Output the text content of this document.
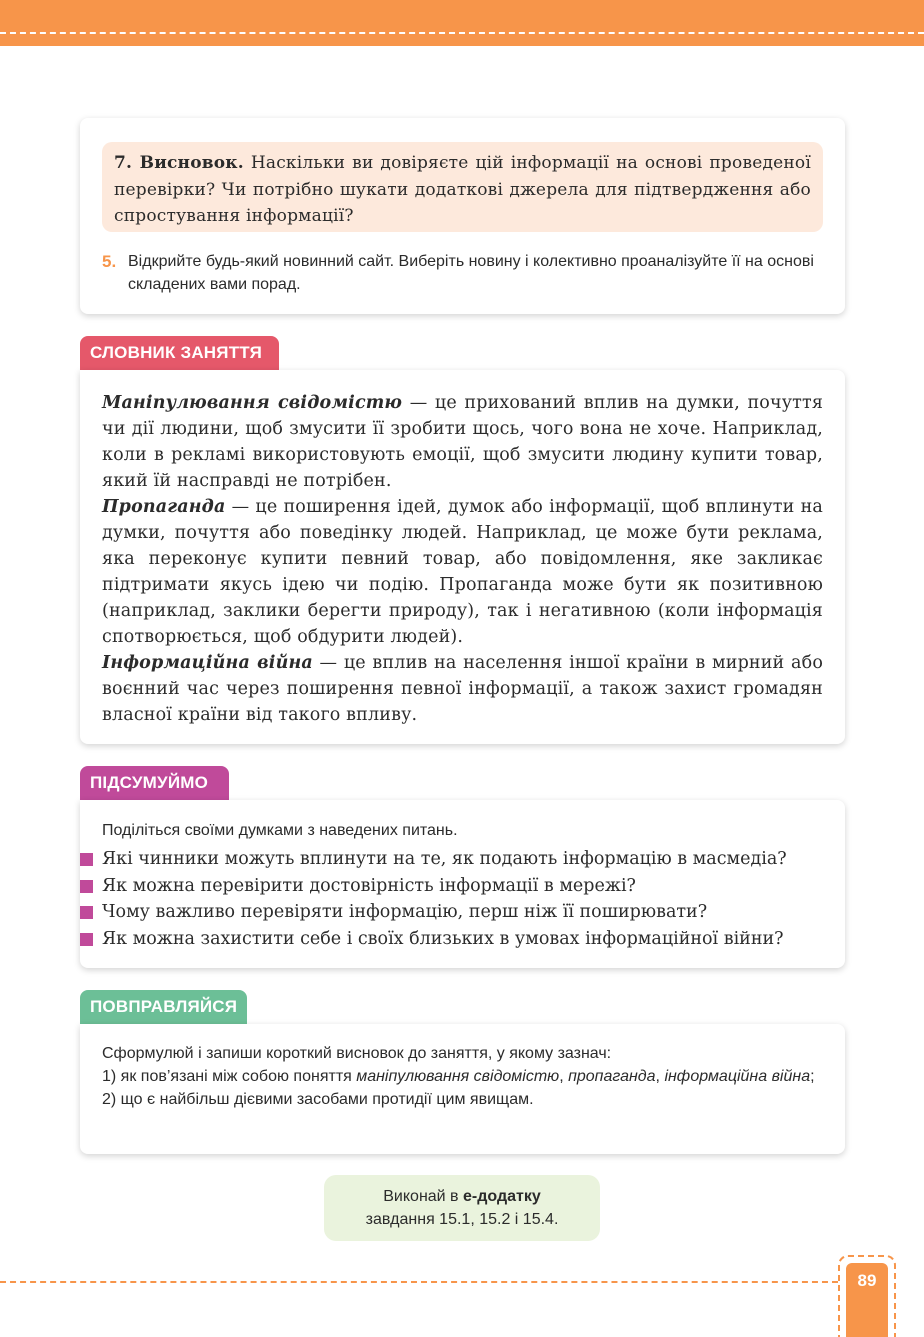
7. Висновок. Наскільки ви довіряєте цій інформації на основі проведеної перевірки? Чи потрібно шукати додаткові джерела для підтвердження або спростування інформації?
5. Відкрийте будь-який новинний сайт. Виберіть новину і колективно проаналізуйте її на основі складених вами порад.
СЛОВНИК ЗАНЯТТЯ

Маніпулювання свідомістю — це прихований вплив на думки, почуття чи дії людини, щоб змусити її зробити щось, чого вона не хоче. Наприклад, коли в рекламі використовують емоції, щоб змусити людину купити товар, який їй насправді не потрібен.

Пропаганда — це поширення ідей, думок або інформації, щоб вплинути на думки, почуття або поведінку людей. Наприклад, це може бути реклама, яка переконує купити певний товар, або повідомлення, яке закликає підтримати якусь ідею чи подію. Пропаганда може бути як позитивною (наприклад, заклики берегти природу), так і негативною (коли інформація спотворюється, щоб обдурити людей).

Інформаційна війна — це вплив на населення іншої країни в мирний або воєнний час через поширення певної інформації, а також захист громадян власної країни від такого впливу.

ПІДСУМУЙМО
Поділіться своїми думками з наведених питань.
Які чинники можуть вплинути на те, як подають інформацію в масмедіа?
Як можна перевірити достовірність інформації в мережі?
Чому важливо перевіряти інформацію, перш ніж її поширювати?
Як можна захистити себе і своїх близьких в умовах інформаційної війни?
ПОВПРАВЛЯЙСЯ
Сформулюй і запиши короткий висновок до заняття, у якому зазнач:
1) як пов’язані між собою поняття маніпулювання свідомістю, пропаганда, інформаційна війна;
2) що є найбільш дієвими засобами протидії цим явищам.
Виконай в е-додатку
завдання 15.1, 15.2 і 15.4.
89
